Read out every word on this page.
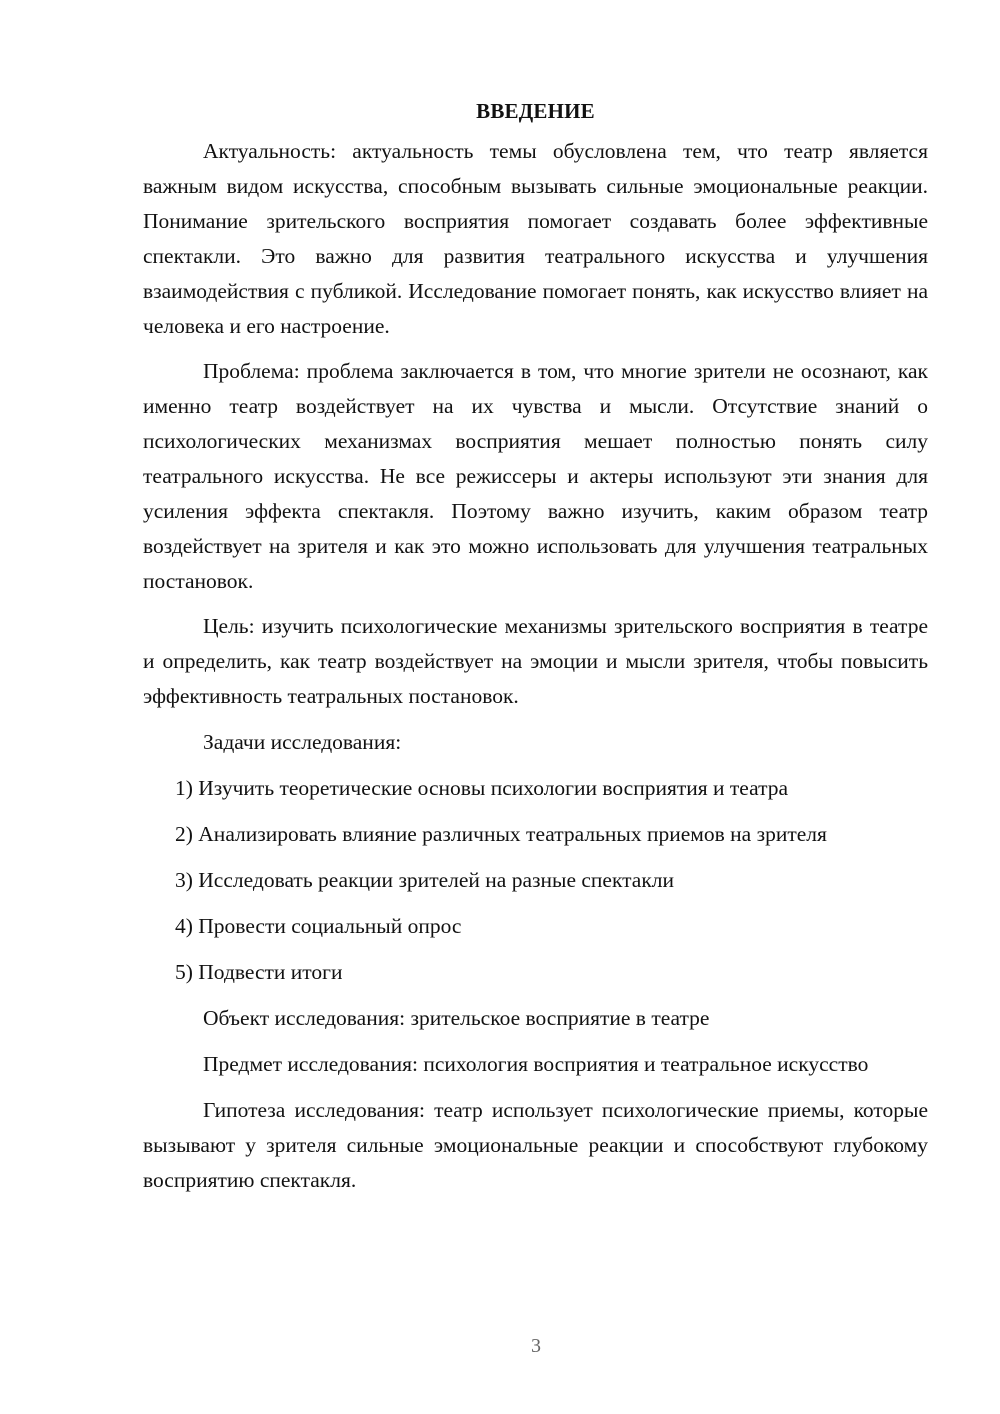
ВВЕДЕНИЕ

Актуальность: актуальность темы обусловлена тем, что театр является важным видом искусства, способным вызывать сильные эмоциональные реакции. Понимание зрительского восприятия помогает создавать более эффективные спектакли. Это важно для развития театрального искусства и улучшения взаимодействия с публикой. Исследование помогает понять, как искусство влияет на человека и его настроение.

Проблема: проблема заключается в том, что многие зрители не осознают, как именно театр воздействует на их чувства и мысли. Отсутствие знаний о психологических механизмах восприятия мешает полностью понять силу театрального искусства. Не все режиссеры и актеры используют эти знания для усиления эффекта спектакля. Поэтому важно изучить, каким образом театр воздействует на зрителя и как это можно использовать для улучшения театральных постановок.

Цель: изучить психологические механизмы зрительского восприятия в театре и определить, как театр воздействует на эмоции и мысли зрителя, чтобы повысить эффективность театральных постановок.

Задачи исследования:

1) Изучить теоретические основы психологии восприятия и театра

2) Анализировать влияние различных театральных приемов на зрителя

3) Исследовать реакции зрителей на разные спектакли

4) Провести социальный опрос

5) Подвести итоги

Объект исследования: зрительское восприятие в театре

Предмет исследования: психология восприятия и театральное искусство

Гипотеза исследования: театр использует психологические приемы, которые вызывают у зрителя сильные эмоциональные реакции и способствуют глубокому восприятию спектакля.

3
